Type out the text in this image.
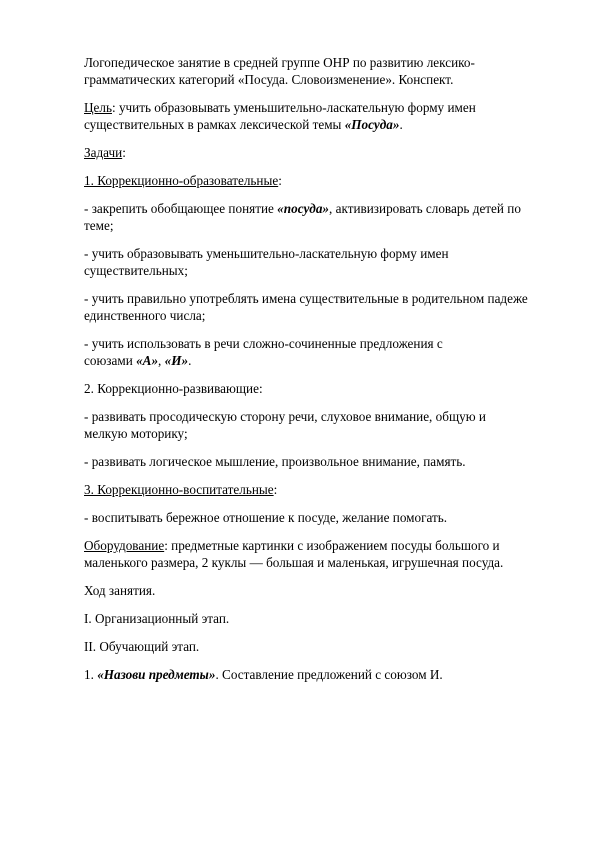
Логопедическое занятие в средней группе ОНР по развитию лексико-
грамматических категорий «Посуда. Словоизменение». Конспект.

Цель: учить образовывать уменьшительно-ласкательную форму имен
существительных в рамках лексической темы «Посуда».

Задачи:

1. Коррекционно-образовательные:

- закрепить обобщающее понятие «посуда», активизировать словарь детей по
теме;

- учить образовывать уменьшительно-ласкательную форму имен
существительных;

- учить правильно употреблять имена существительные в родительном падеже
единственного числа;

- учить использовать в речи сложно-сочиненные предложения с
союзами «А», «И».

2. Коррекционно-развивающие:

- развивать просодическую сторону речи, слуховое внимание, общую и
мелкую моторику;

- развивать логическое мышление, произвольное внимание, память.

3. Коррекционно-воспитательные:

- воспитывать бережное отношение к посуде, желание помогать.

Оборудование: предметные картинки с изображением посуды большого и
маленького размера, 2 куклы — большая и маленькая, игрушечная посуда.

Ход занятия.

I. Организационный этап.

II. Обучающий этап.

1. «Назови предметы». Составление предложений с союзом И.
